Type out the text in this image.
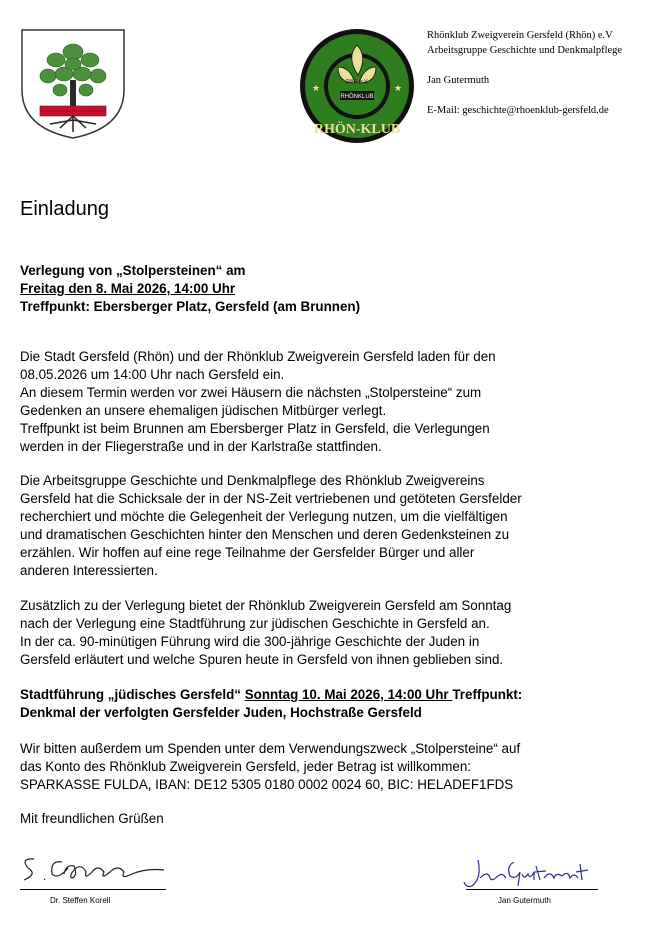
RHÖNKLUB
ZWG. e.V.
RHÖN-KLUB
★	★
Rhönklub Zweigverein Gersfeld (Rhön) e.V
Arbeitsgruppe Geschichte und Denkmalpflege
Jan Gutermuth
E-Mail: geschichte@rhoenklub-gersfeld.de
Einladung
Verlegung von „Stolpersteinen“ am
Freitag den 8. Mai 2026, 14:00 Uhr
Treffpunkt: Ebersberger Platz, Gersfeld (am Brunnen)
Die Stadt Gersfeld (Rhön) und der Rhönklub Zweigverein Gersfeld laden für den
08.05.2026 um 14:00 Uhr nach Gersfeld ein.
An diesem Termin werden vor zwei Häusern die nächsten „Stolpersteine“ zum
Gedenken an unsere ehemaligen jüdischen Mitbürger verlegt.
Treffpunkt ist beim Brunnen am Ebersberger Platz in Gersfeld, die Verlegungen
werden in der Fliegerstraße und in der Karlstraße stattfinden.
Die Arbeitsgruppe Geschichte und Denkmalpflege des Rhönklub Zweigvereins
Gersfeld hat die Schicksale der in der NS-Zeit vertriebenen und getöteten Gersfelder
recherchiert und möchte die Gelegenheit der Verlegung nutzen, um die vielfältigen
und dramatischen Geschichten hinter den Menschen und deren Gedenksteinen zu
erzählen. Wir hoffen auf eine rege Teilnahme der Gersfelder Bürger und aller
anderen Interessierten.
Zusätzlich zu der Verlegung bietet der Rhönklub Zweigverein Gersfeld am Sonntag
nach der Verlegung eine Stadtführung zur jüdischen Geschichte in Gersfeld an.
In der ca. 90-minütigen Führung wird die 300-jährige Geschichte der Juden in
Gersfeld erläutert und welche Spuren heute in Gersfeld von ihnen geblieben sind.
Stadtführung „jüdisches Gersfeld“ Sonntag 10. Mai 2026, 14:00 Uhr Treffpunkt:
Denkmal der verfolgten Gersfelder Juden, Hochstraße Gersfeld
Wir bitten außerdem um Spenden unter dem Verwendungszweck „Stolpersteine“ auf
das Konto des Rhönklub Zweigverein Gersfeld, jeder Betrag ist willkommen:
SPARKASSE FULDA, IBAN: DE12 5305 0180 0002 0024 60, BIC: HELADEF1FDS
Mit freundlichen Grüßen
Dr. Steffen Korell	Jan Gutermuth
